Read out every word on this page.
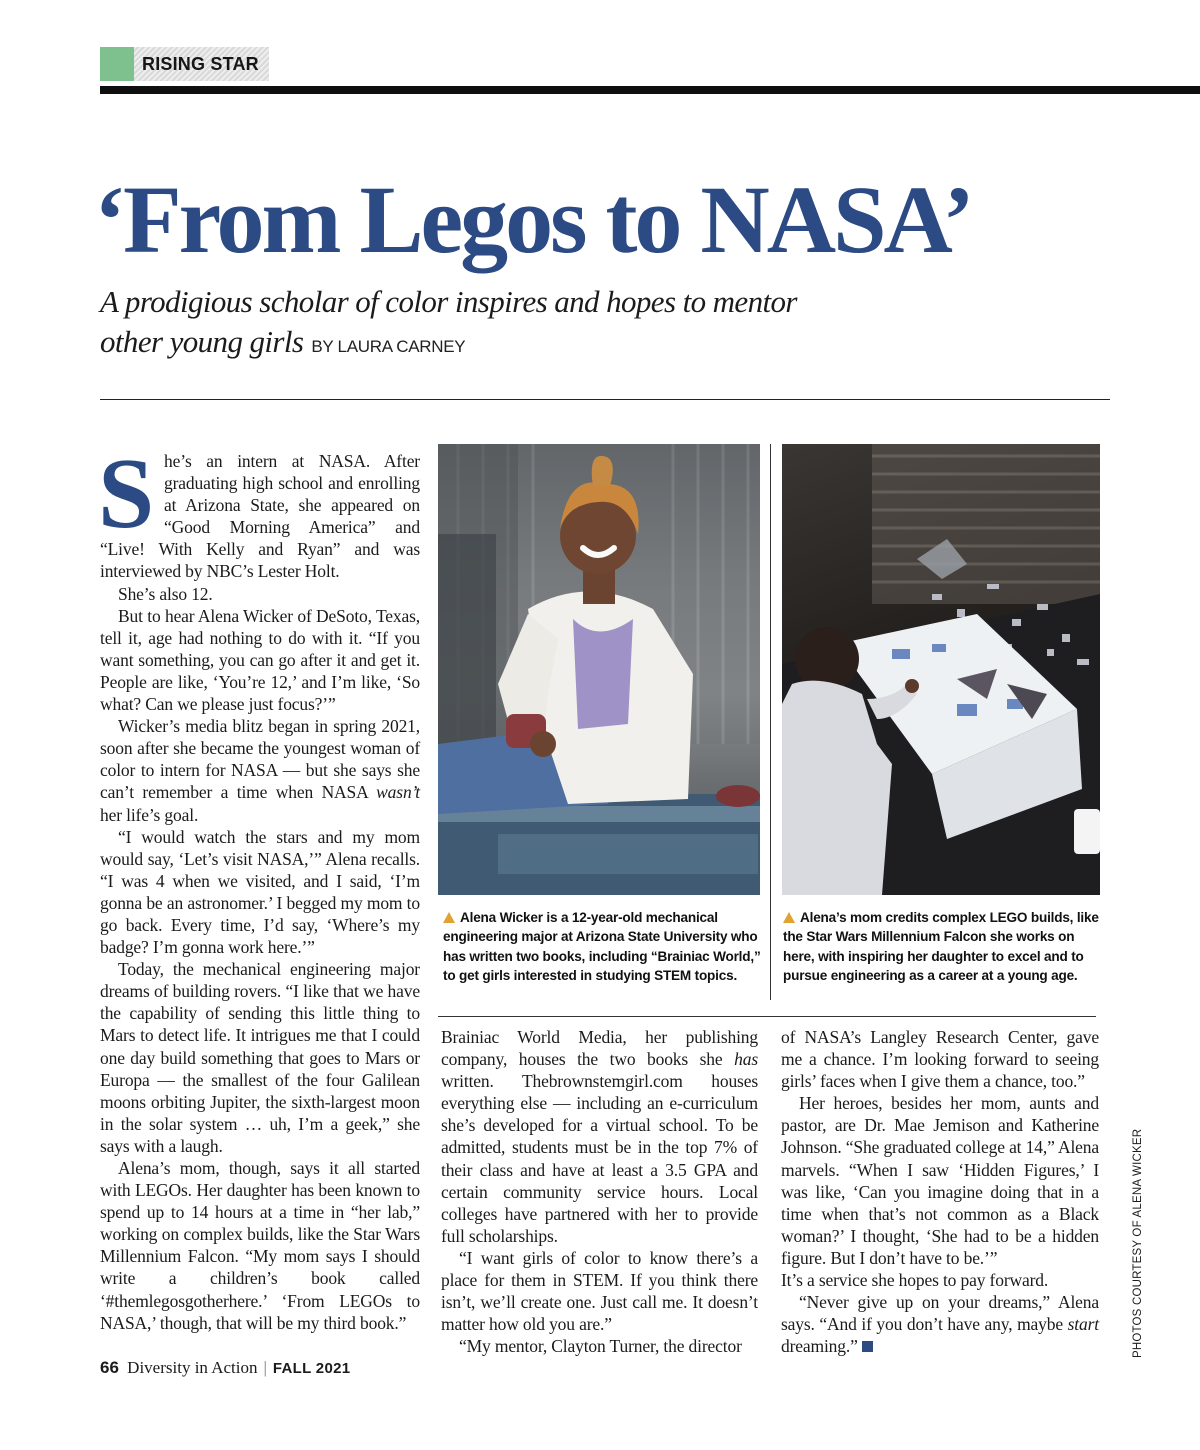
RISING STAR
‘From Legos to NASA’
A prodigious scholar of color inspires and hopes to mentor other young girls BY LAURA CARNEY

She’s an intern at NASA. After graduating high school and enrolling at Arizona State, she appeared on “Good Morning America” and “Live! With Kelly and Ryan” and was interviewed by NBC’s Lester Holt.

She’s also 12.

But to hear Alena Wicker of DeSoto, Texas, tell it, age had nothing to do with it. “If you want something, you can go after it and get it. People are like, ‘You’re 12,’ and I’m like, ‘So what? Can we please just focus?’”

Wicker’s media blitz began in spring 2021, soon after she became the youngest woman of color to intern for NASA — but she says she can’t remember a time when NASA wasn’t her life’s goal.

“I would watch the stars and my mom would say, ‘Let’s visit NASA,’” Alena recalls. “I was 4 when we visited, and I said, ‘I’m gonna be an astronomer.’ I begged my mom to go back. Every time, I’d say, ‘Where’s my badge? I’m gonna work here.’”

Today, the mechanical engineering major dreams of building rovers. “I like that we have the capability of sending this little thing to Mars to detect life. It intrigues me that I could one day build something that goes to Mars or Europa — the smallest of the four Galilean moons orbiting Jupiter, the sixth-largest moon in the solar system … uh, I’m a geek,” she says with a laugh.

Alena’s mom, though, says it all started with LEGOs. Her daughter has been known to spend up to 14 hours at a time in “her lab,” working on complex builds, like the Star Wars Millennium Falcon. “My mom says I should write a children’s book called ‘#themlegosgotherhere.’ ‘From LEGOs to NASA,’ though, that will be my third book.”

Alena Wicker is a 12-year-old mechanical engineering major at Arizona State University who has written two books, including “Brainiac World,” to get girls interested in studying STEM topics.
Alena’s mom credits complex LEGO builds, like the Star Wars Millennium Falcon she works on here, with inspiring her daughter to excel and to pursue engineering as a career at a young age.

Brainiac World Media, her publishing company, houses the two books she has written. Thebrownstemgirl.com houses everything else — including an e-curriculum she’s developed for a virtual school. To be admitted, students must be in the top 7% of their class and have at least a 3.5 GPA and certain community service hours. Local colleges have partnered with her to provide full scholarships.

“I want girls of color to know there’s a place for them in STEM. If you think there isn’t, we’ll create one. Just call me. It doesn’t matter how old you are.”

“My mentor, Clayton Turner, the director

of NASA’s Langley Research Center, gave me a chance. I’m looking forward to seeing girls’ faces when I give them a chance, too.”

Her heroes, besides her mom, aunts and pastor, are Dr. Mae Jemison and Katherine Johnson. “She graduated college at 14,” Alena marvels. “When I saw ‘Hidden Figures,’ I was like, ‘Can you imagine doing that in a time when that’s not common as a Black woman?’ I thought, ‘She had to be a hidden figure. But I don’t have to be.’”

It’s a service she hopes to pay forward.

“Never give up on your dreams,” Alena says. “And if you don’t have any, maybe start dreaming.”	PHOTOS COURTESY OF ALENA WICKER
66 Diversity in Action | FALL 2021
